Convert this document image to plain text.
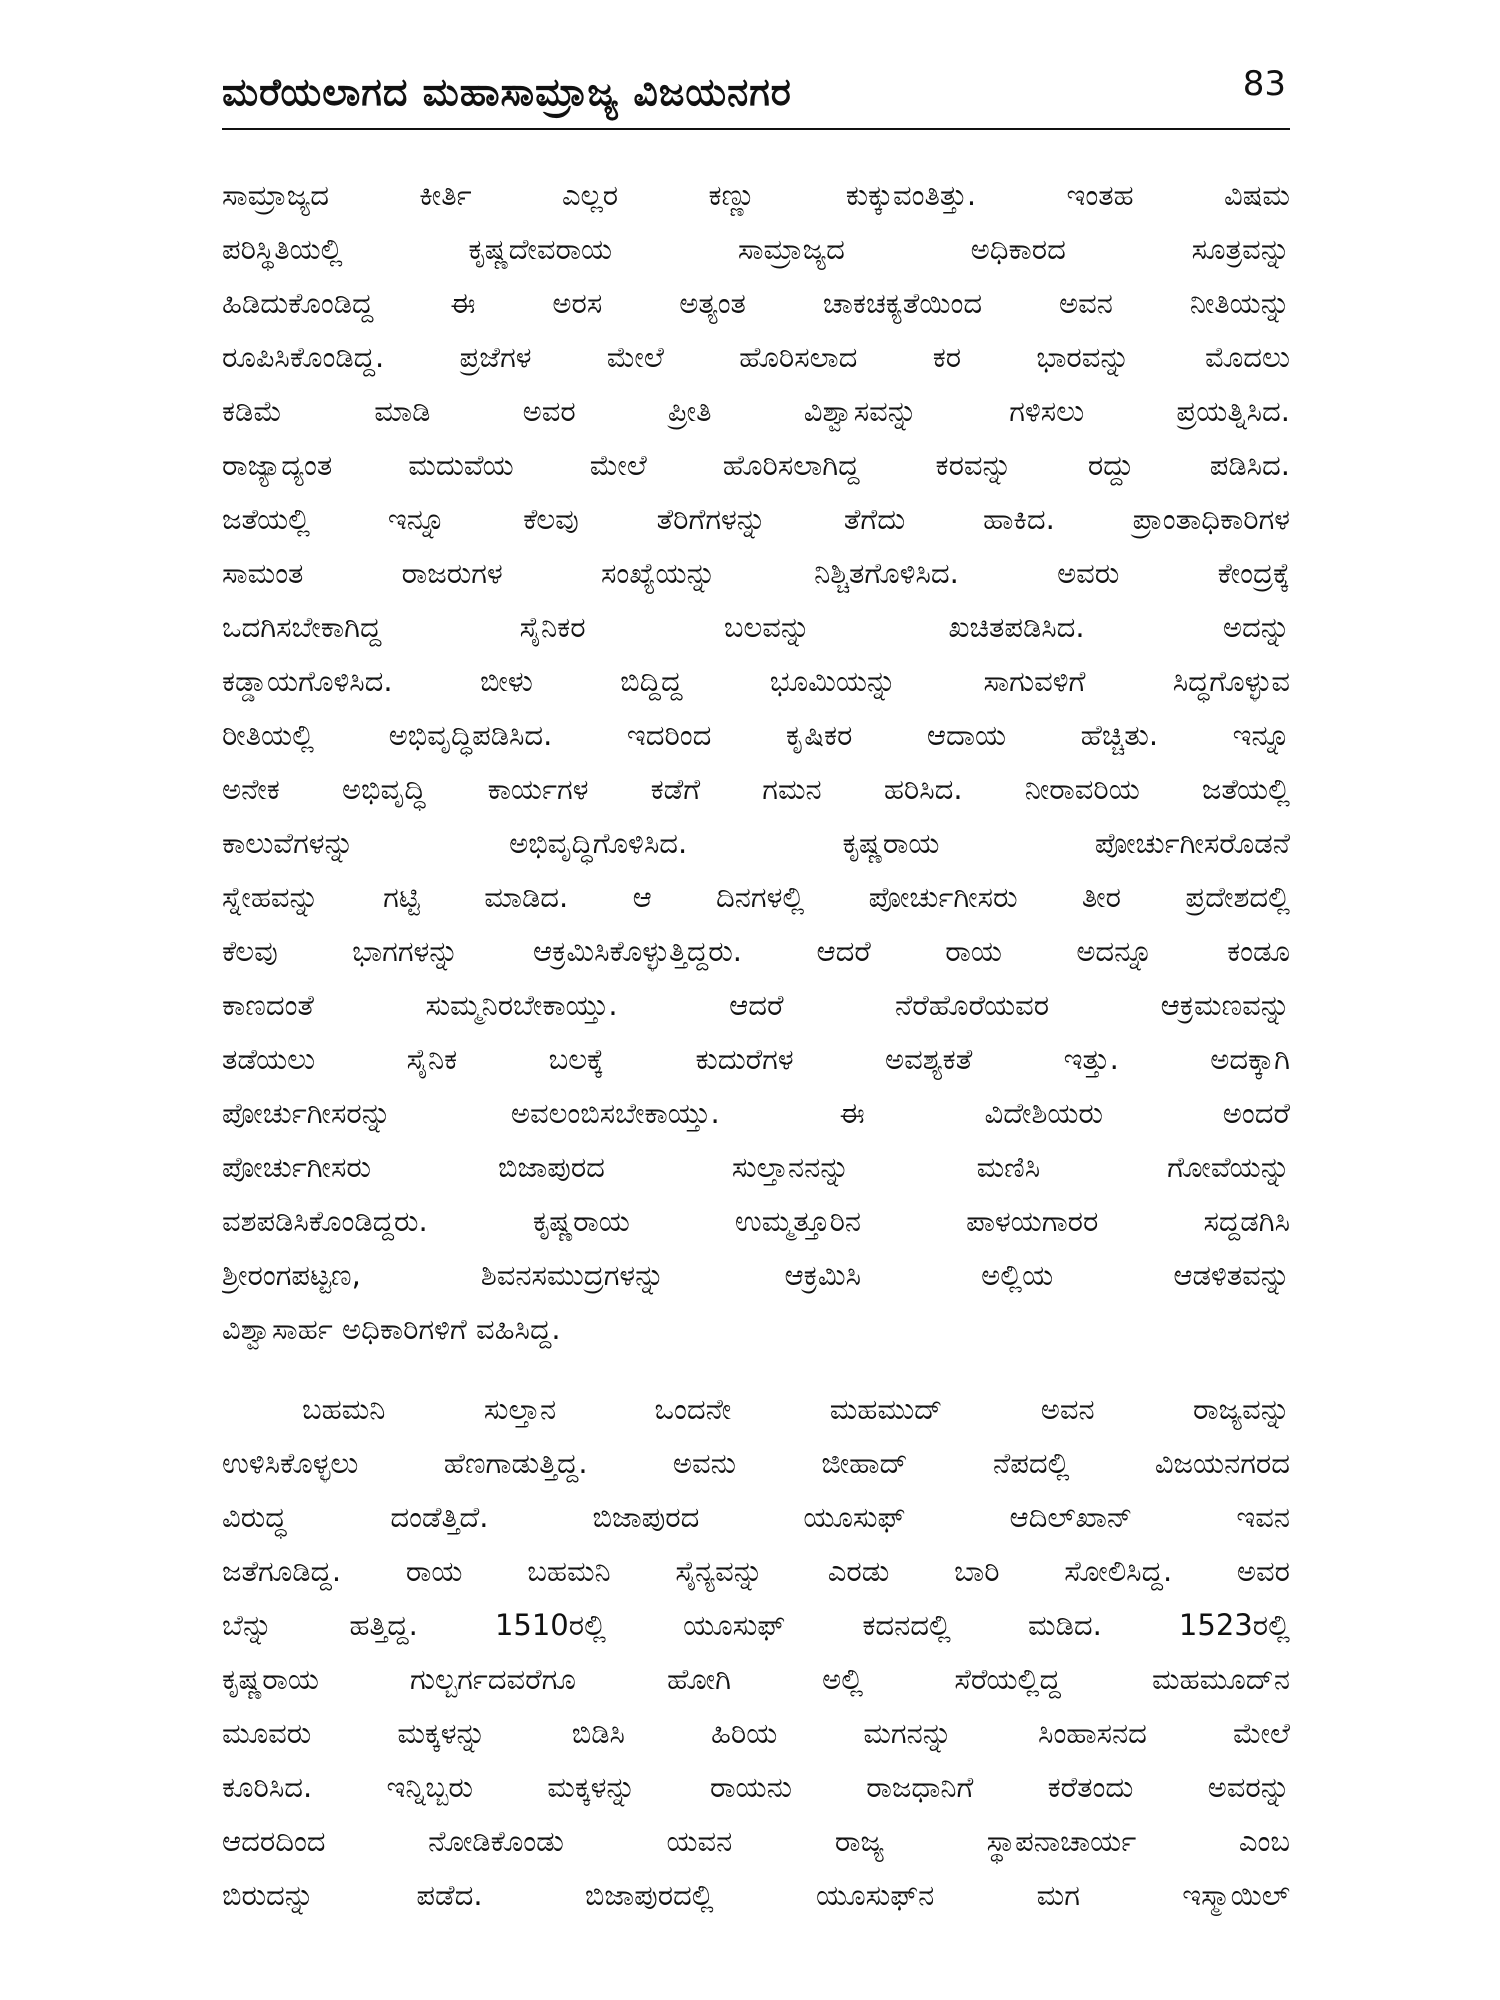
ಮರೆಯಲಾಗದ ಮಹಾಸಾಮ್ರಾಜ್ಯ ವಿಜಯನಗರ	83
ಸಾಮ್ರಾಜ್ಯದ ಕೀರ್ತಿ ಎಲ್ಲರ ಕಣ್ಣು ಕುಕ್ಕುವಂತಿತ್ತು. ಇಂತಹ ವಿಷಮ
ಪರಿಸ್ಥಿತಿಯಲ್ಲಿ ಕೃಷ್ಣದೇವರಾಯ ಸಾಮ್ರಾಜ್ಯದ ಅಧಿಕಾರದ ಸೂತ್ರವನ್ನು
ಹಿಡಿದುಕೊಂಡಿದ್ದ ಈ ಅರಸ ಅತ್ಯಂತ ಚಾಕಚಕ್ಯತೆಯಿಂದ ಅವನ ನೀತಿಯನ್ನು
ರೂಪಿಸಿಕೊಂಡಿದ್ದ. ಪ್ರಜೆಗಳ ಮೇಲೆ ಹೊರಿಸಲಾದ ಕರ ಭಾರವನ್ನು ಮೊದಲು
ಕಡಿಮೆ ಮಾಡಿ ಅವರ ಪ್ರೀತಿ ವಿಶ್ವಾಸವನ್ನು ಗಳಿಸಲು ಪ್ರಯತ್ನಿಸಿದ.
ರಾಜ್ಯಾದ್ಯಂತ ಮದುವೆಯ ಮೇಲೆ ಹೊರಿಸಲಾಗಿದ್ದ ಕರವನ್ನು ರದ್ದು ಪಡಿಸಿದ.
ಜತೆಯಲ್ಲಿ ಇನ್ನೂ ಕೆಲವು ತೆರಿಗೆಗಳನ್ನು ತೆಗೆದು ಹಾಕಿದ. ಪ್ರಾಂತಾಧಿಕಾರಿಗಳ
ಸಾಮಂತ ರಾಜರುಗಳ ಸಂಖ್ಯೆಯನ್ನು ನಿಶ್ಚಿತಗೊಳಿಸಿದ. ಅವರು ಕೇಂದ್ರಕ್ಕೆ
ಒದಗಿಸಬೇಕಾಗಿದ್ದ ಸೈನಿಕರ ಬಲವನ್ನು ಖಚಿತಪಡಿಸಿದ. ಅದನ್ನು
ಕಡ್ಡಾಯಗೊಳಿಸಿದ. ಬೀಳು ಬಿದ್ದಿದ್ದ ಭೂಮಿಯನ್ನು ಸಾಗುವಳಿಗೆ ಸಿದ್ಧಗೊಳ್ಳುವ
ರೀತಿಯಲ್ಲಿ ಅಭಿವೃದ್ಧಿಪಡಿಸಿದ. ಇದರಿಂದ ಕೃಷಿಕರ ಆದಾಯ ಹೆಚ್ಚಿತು. ಇನ್ನೂ
ಅನೇಕ ಅಭಿವೃದ್ಧಿ ಕಾರ್ಯಗಳ ಕಡೆಗೆ ಗಮನ ಹರಿಸಿದ. ನೀರಾವರಿಯ ಜತೆಯಲ್ಲಿ
ಕಾಲುವೆಗಳನ್ನು ಅಭಿವೃದ್ಧಿಗೊಳಿಸಿದ. ಕೃಷ್ಣರಾಯ ಪೋರ್ಚುಗೀಸರೊಡನೆ
ಸ್ನೇಹವನ್ನು ಗಟ್ಟಿ ಮಾಡಿದ. ಆ ದಿನಗಳಲ್ಲಿ ಪೋರ್ಚುಗೀಸರು ತೀರ ಪ್ರದೇಶದಲ್ಲಿ
ಕೆಲವು ಭಾಗಗಳನ್ನು ಆಕ್ರಮಿಸಿಕೊಳ್ಳುತ್ತಿದ್ದರು. ಆದರೆ ರಾಯ ಅದನ್ನೂ ಕಂಡೂ
ಕಾಣದಂತೆ ಸುಮ್ಮನಿರಬೇಕಾಯ್ತು. ಆದರೆ ನೆರೆಹೊರೆಯವರ ಆಕ್ರಮಣವನ್ನು
ತಡೆಯಲು ಸೈನಿಕ ಬಲಕ್ಕೆ ಕುದುರೆಗಳ ಅವಶ್ಯಕತೆ ಇತ್ತು. ಅದಕ್ಕಾಗಿ
ಪೋರ್ಚುಗೀಸರನ್ನು ಅವಲಂಬಿಸಬೇಕಾಯ್ತು. ಈ ವಿದೇಶಿಯರು ಅಂದರೆ
ಪೋರ್ಚುಗೀಸರು ಬಿಜಾಪುರದ ಸುಲ್ತಾನನನ್ನು ಮಣಿಸಿ ಗೋವೆಯನ್ನು
ವಶಪಡಿಸಿಕೊಂಡಿದ್ದರು. ಕೃಷ್ಣರಾಯ ಉಮ್ಮತ್ತೂರಿನ ಪಾಳಯಗಾರರ ಸದ್ದಡಗಿಸಿ
ಶ್ರೀರಂಗಪಟ್ಟಣ, ಶಿವನಸಮುದ್ರಗಳನ್ನು ಆಕ್ರಮಿಸಿ ಅಲ್ಲಿಯ ಆಡಳಿತವನ್ನು
ವಿಶ್ವಾಸಾರ್ಹ ಅಧಿಕಾರಿಗಳಿಗೆ ವಹಿಸಿದ್ದ.
ಬಹಮನಿ ಸುಲ್ತಾನ ಒಂದನೇ ಮಹಮುದ್ ಅವನ ರಾಜ್ಯವನ್ನು
ಉಳಿಸಿಕೊಳ್ಳಲು ಹೆಣಗಾಡುತ್ತಿದ್ದ. ಅವನು ಜೀಹಾದ್ ನೆಪದಲ್ಲಿ ವಿಜಯನಗರದ
ವಿರುದ್ಧ ದಂಡೆತ್ತಿದೆ. ಬಿಜಾಪುರದ ಯೂಸುಫ್ ಆದಿಲ್‌ಖಾನ್ ಇವನ
ಜತೆಗೂಡಿದ್ದ. ರಾಯ ಬಹಮನಿ ಸೈನ್ಯವನ್ನು ಎರಡು ಬಾರಿ ಸೋಲಿಸಿದ್ದ. ಅವರ
ಬೆನ್ನು ಹತ್ತಿದ್ದ. 1510ರಲ್ಲಿ ಯೂಸುಫ್ ಕದನದಲ್ಲಿ ಮಡಿದ. 1523ರಲ್ಲಿ
ಕೃಷ್ಣರಾಯ ಗುಲ್ಬರ್ಗದವರೆಗೂ ಹೋಗಿ ಅಲ್ಲಿ ಸೆರೆಯಲ್ಲಿದ್ದ ಮಹಮೂದ್‌ನ
ಮೂವರು ಮಕ್ಕಳನ್ನು ಬಿಡಿಸಿ ಹಿರಿಯ ಮಗನನ್ನು ಸಿಂಹಾಸನದ ಮೇಲೆ
ಕೂರಿಸಿದ. ಇನ್ನಿಬ್ಬರು ಮಕ್ಕಳನ್ನು ರಾಯನು ರಾಜಧಾನಿಗೆ ಕರೆತಂದು ಅವರನ್ನು
ಆದರದಿಂದ ನೋಡಿಕೊಂಡು ಯವನ ರಾಜ್ಯ ಸ್ಥಾಪನಾಚಾರ್ಯ ಎಂಬ
ಬಿರುದನ್ನು ಪಡೆದ. ಬಿಜಾಪುರದಲ್ಲಿ ಯೂಸುಫ್‌ನ ಮಗ ಇಸ್ಮಾಯಿಲ್
